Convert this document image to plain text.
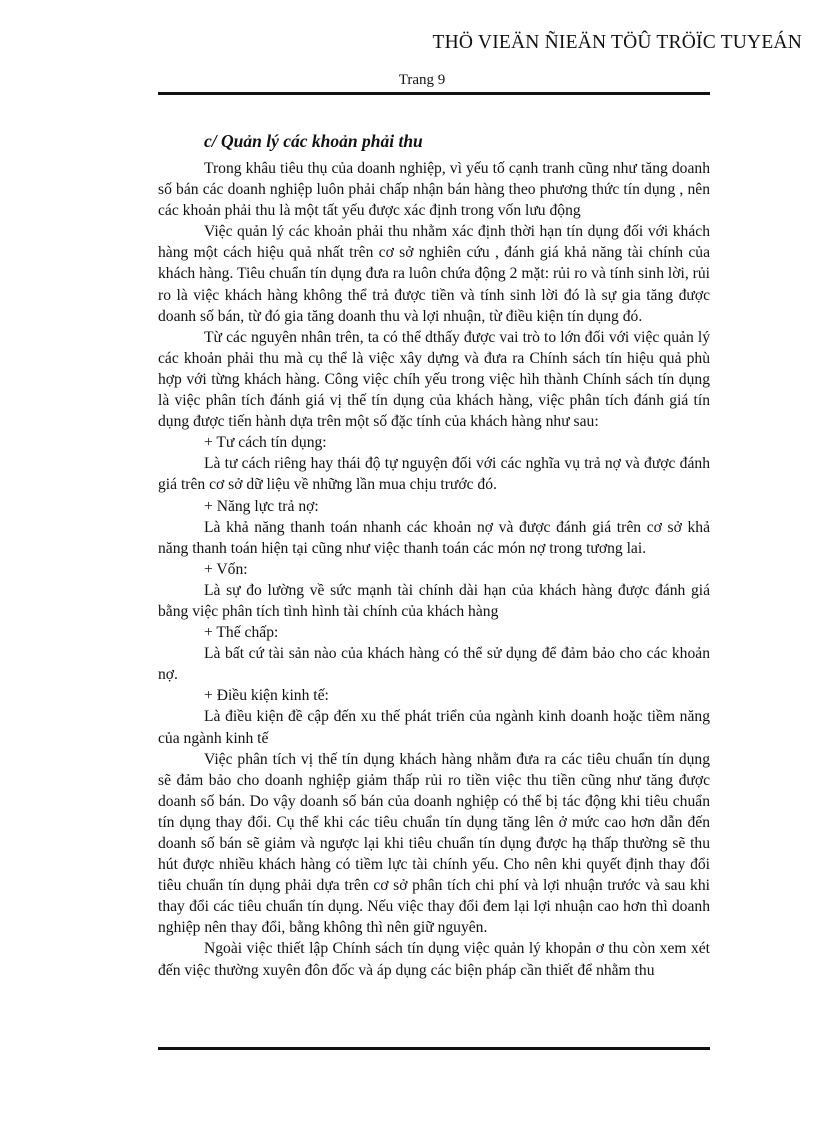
THÖ VIEÄN ÑIEÄN TÖÛ TRÖÏC TUYEÁN
Trang 9
c/ Quản lý các khoản phải thu

Trong khâu tiêu thụ của doanh nghiệp, vì yếu tố cạnh tranh cũng như tăng doanh số bán các doanh nghiệp luôn phải chấp nhận bán hàng theo phương thức tín dụng , nên các khoản phải thu là một tất yếu được xác định trong vốn lưu động

Việc quản lý các khoản phải thu nhằm xác định thời hạn tín dụng đối với khách hàng một cách hiệu quả nhất trên cơ sở nghiên cứu , đánh giá khả năng tài chính của khách hàng. Tiêu chuẩn tín dụng đưa ra luôn chứa động 2 mặt: rủi ro và tính sinh lời, rủi ro là việc khách hàng không thể trả được tiền và tính sinh lời đó là sự gia tăng được doanh số bán, từ đó gia tăng doanh thu và lợi nhuận, từ điều kiện tín dụng đó.

Từ các nguyên nhân trên, ta có thể dthấy được vai trò to lớn đối với việc quản lý các khoản phải thu mà cụ thể là việc xây dựng và đưa ra Chính sách tín hiệu quả phù hợp với từng khách hàng. Công việc chíh yếu trong việc hìh thành Chính sách tín dụng là việc phân tích đánh giá vị thế tín dụng của khách hàng, việc phân tích đánh giá tín dụng được tiến hành dựa trên một số đặc tính của khách hàng như sau:

+ Tư cách tín dụng:

Là tư cách riêng hay thái độ tự nguyện đối với các nghĩa vụ trả nợ và được đánh giá trên cơ sở dữ liệu về những lần mua chịu trước đó.

+ Năng lực trả nợ:

Là khả năng thanh toán nhanh các khoản nợ và được đánh giá trên cơ sở khả năng thanh toán hiện tại cũng như việc thanh toán các món nợ trong tương lai.

+ Vốn:

Là sự đo lường về sức mạnh tài chính dài hạn của khách hàng được đánh giá bằng việc phân tích tình hình tài chính của khách hàng

+ Thế chấp:

Là bất cứ tài sản nào của khách hàng có thể sử dụng để đảm bảo cho các khoản nợ.

+ Điều kiện kinh tế:

Là điều kiện đề cập đến xu thế phát triển của ngành kinh doanh hoặc tiềm năng của ngành kinh tế

Việc phân tích vị thế tín dụng khách hàng nhằm đưa ra các tiêu chuẩn tín dụng sẽ đảm bảo cho doanh nghiệp giảm thấp rủi ro tiền việc thu tiền cũng như tăng được doanh số bán. Do vậy doanh số bán của doanh nghiệp có thể bị tác động khi tiêu chuẩn tín dụng thay đổi. Cụ thể khi các tiêu chuẩn tín dụng tăng lên ở mức cao hơn dẫn đến doanh số bán sẽ giảm và ngược lại khi tiêu chuẩn tín dụng được hạ thấp thường sẽ thu hút được nhiều khách hàng có tiềm lực tài chính yếu. Cho nên khi quyết định thay đổi tiêu chuẩn tín dụng phải dựa trên cơ sở phân tích chi phí và lợi nhuận trước và sau khi thay đổi các tiêu chuẩn tín dụng. Nếu việc thay đổi đem lại lợi nhuận cao hơn thì doanh nghiệp nên thay đổi, bằng không thì nên giữ nguyên.

Ngoài việc thiết lập Chính sách tín dụng việc quản lý khopản ơ thu còn xem xét đến việc thường xuyên đôn đốc và áp dụng các biện pháp cần thiết để nhằm thu
